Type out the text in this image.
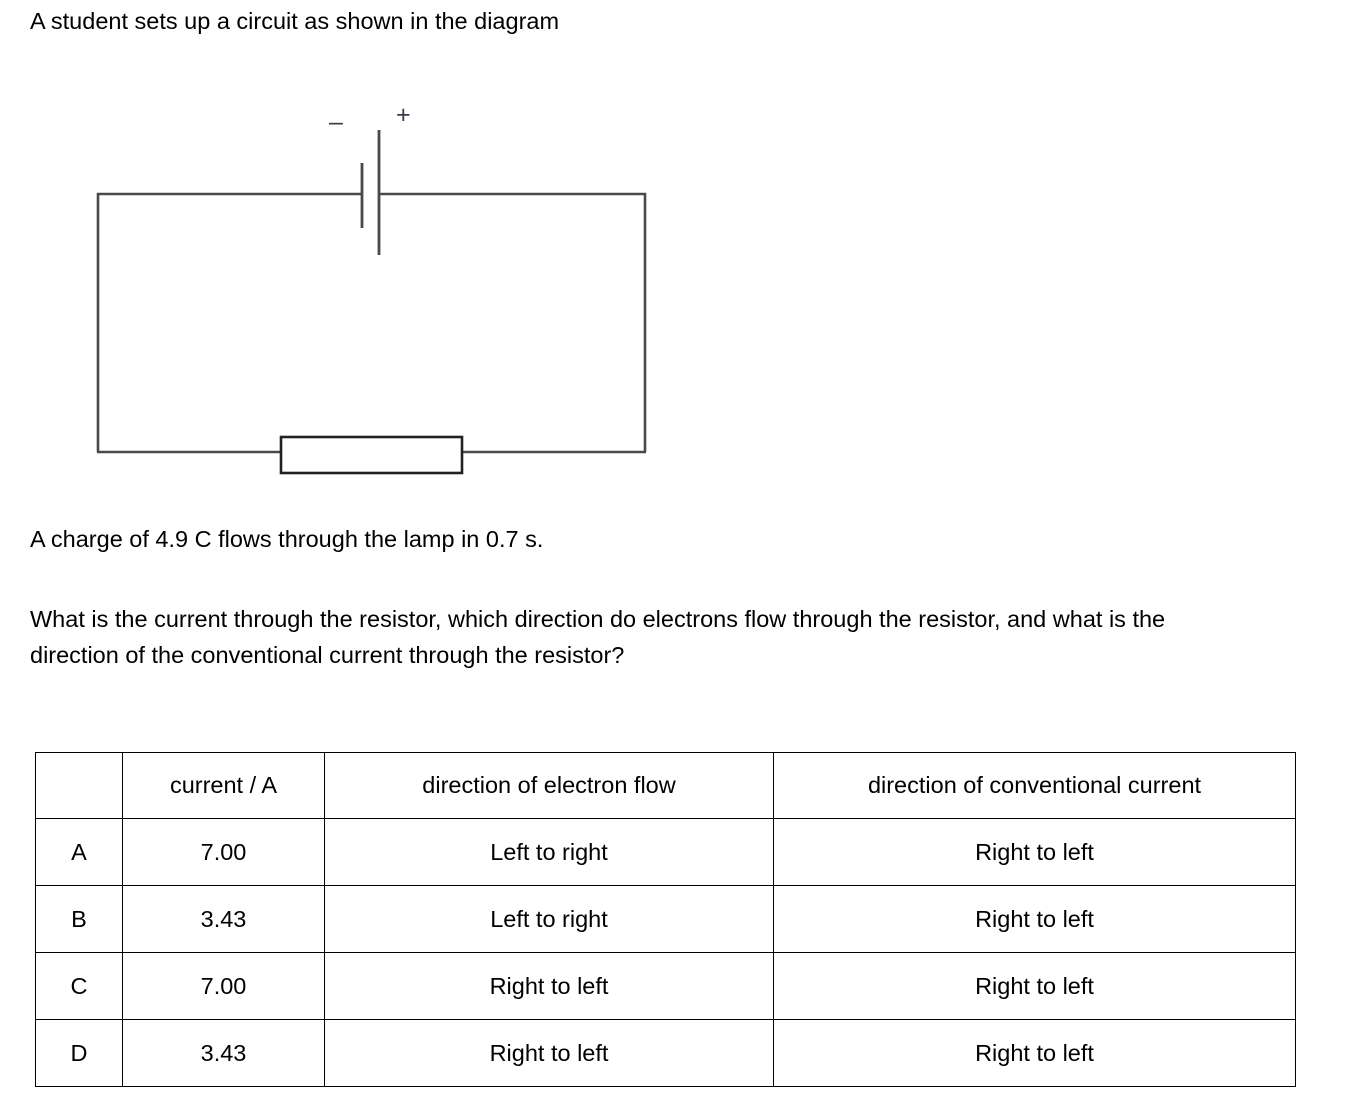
A student sets up a circuit as shown in the diagram
– +
A charge of 4.9 C flows through the lamp in 0.7 s.
What is the current through the resistor, which direction do electrons flow through the resistor, and what is the direction of the conventional current through the resistor?
	current / A	direction of electron flow	direction of conventional current
A	7.00	Left to right	Right to left
B	3.43	Left to right	Right to left
C	7.00	Right to left	Right to left
D	3.43	Right to left	Right to left
